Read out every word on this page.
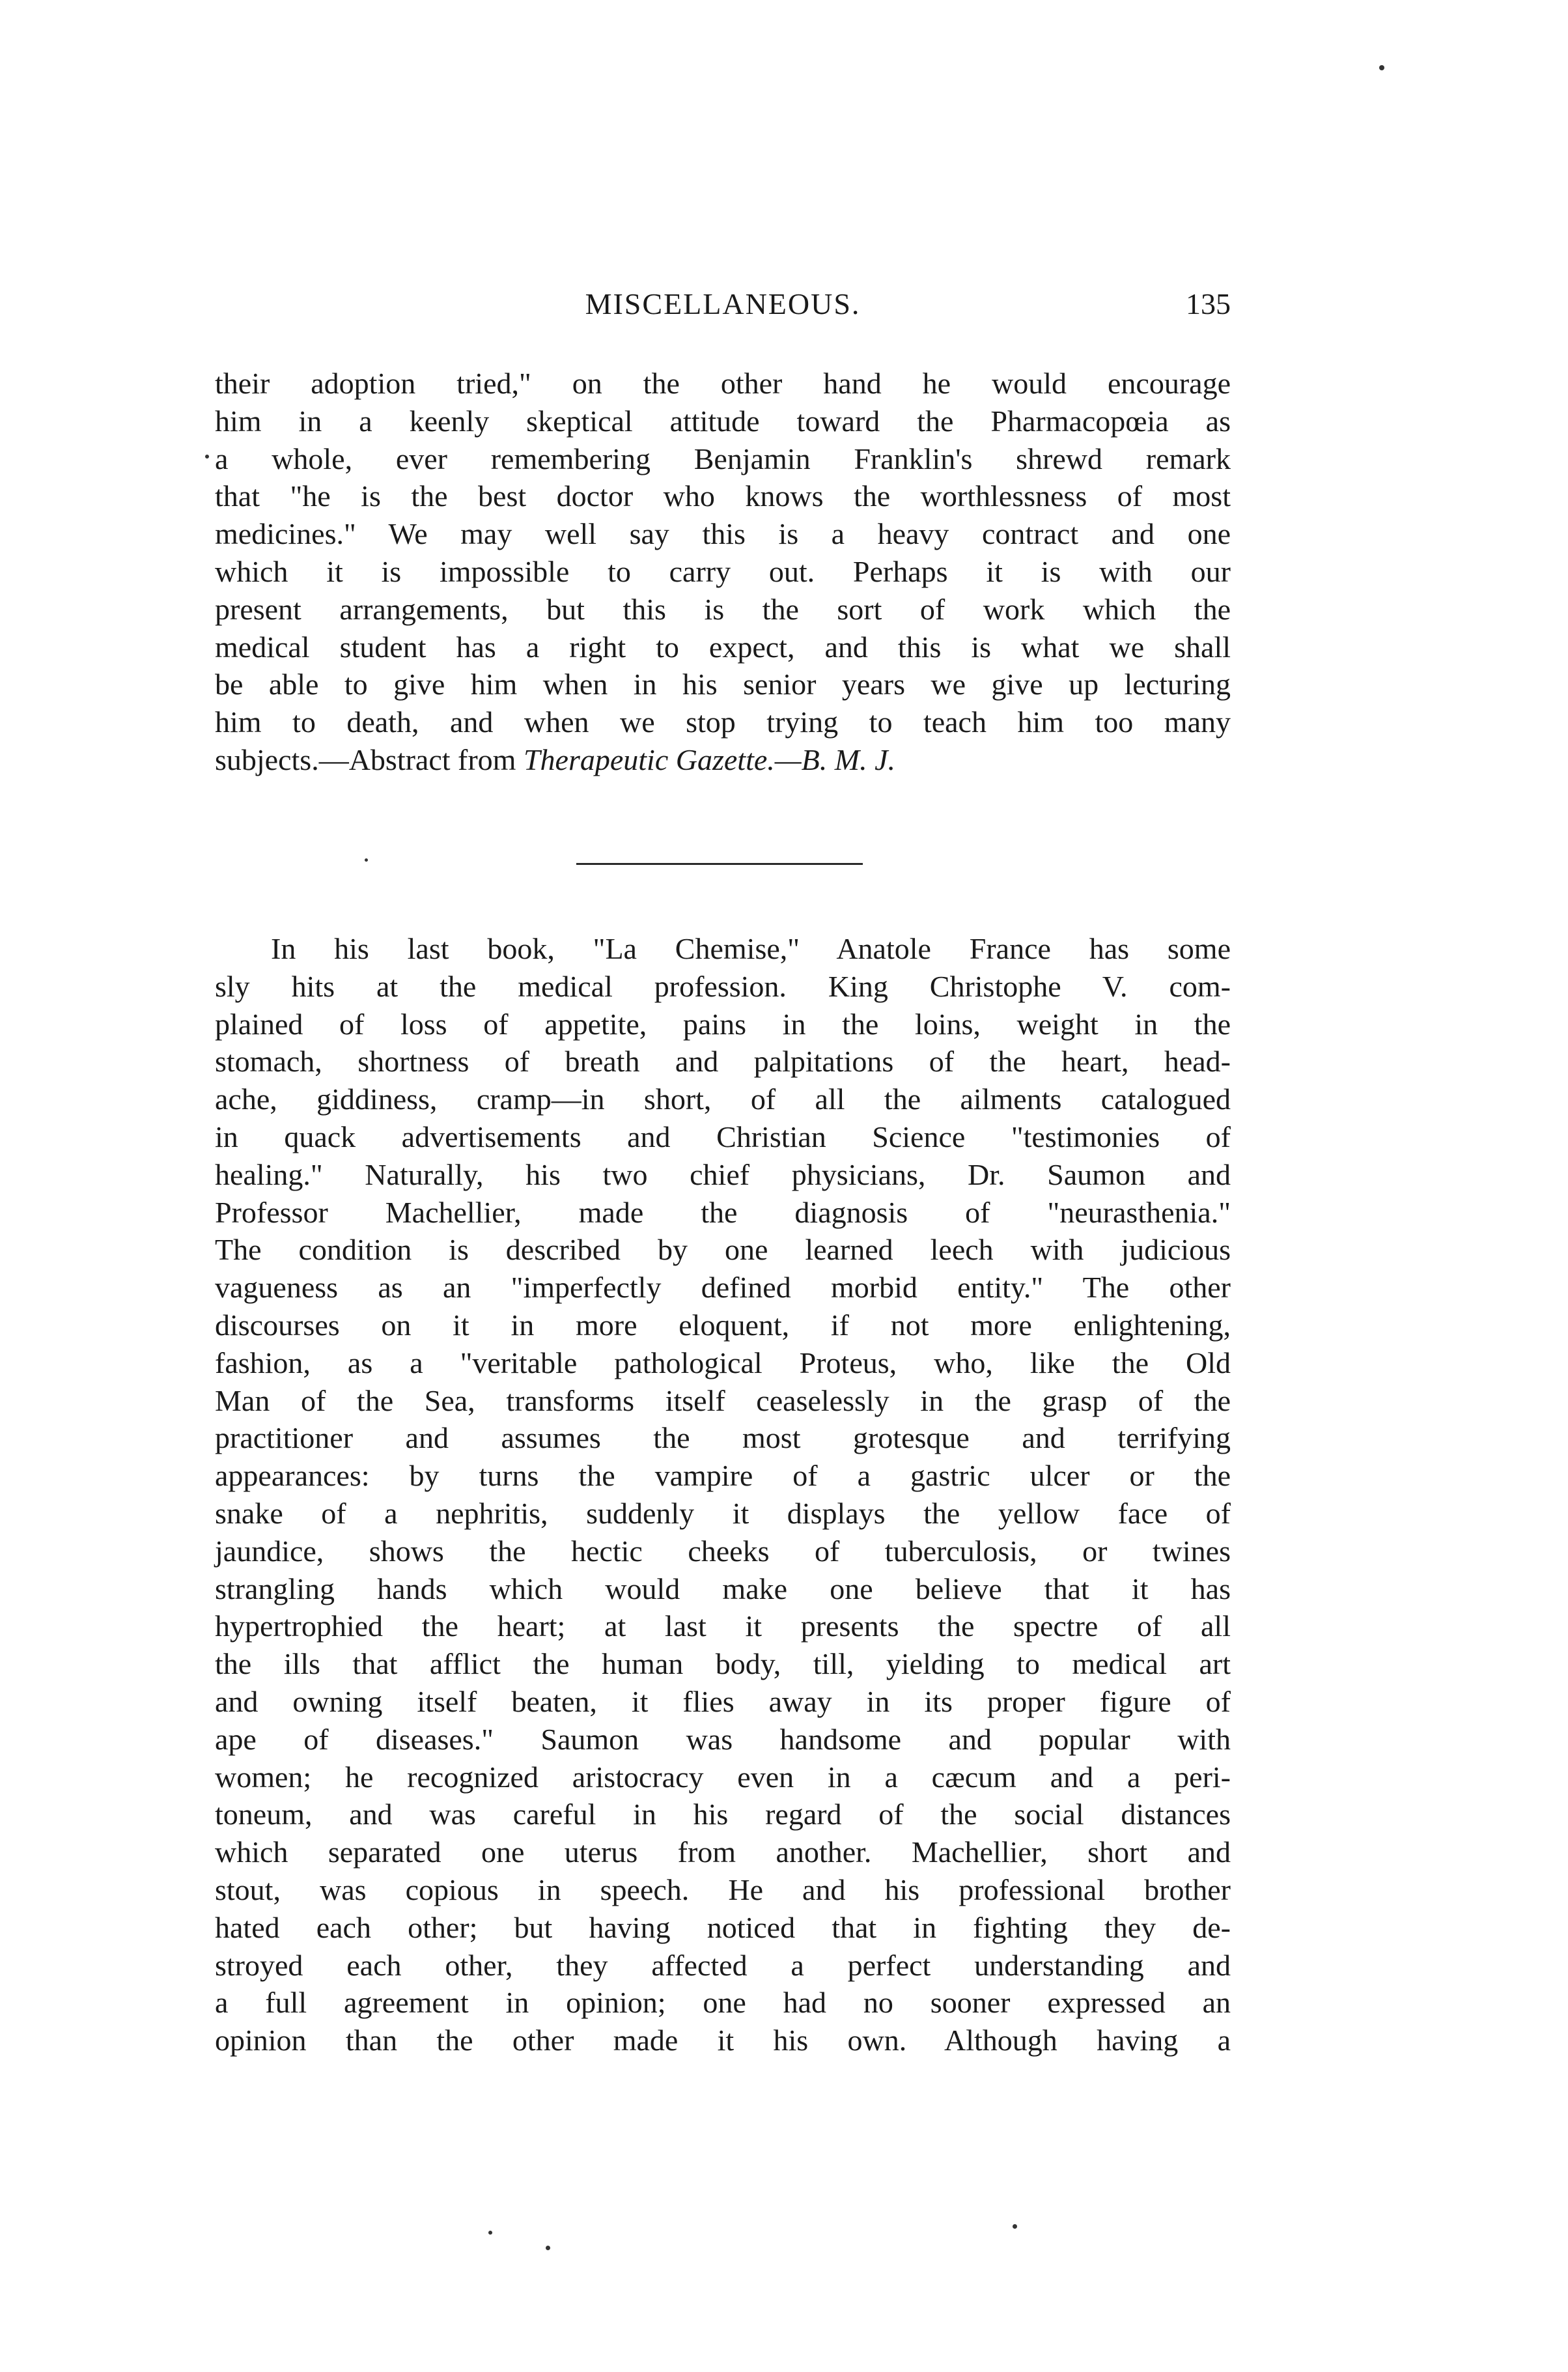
MISCELLANEOUS.	135
their adoption tried," on the other hand he would encourage
him in a keenly skeptical attitude toward the Pharmacopœia as
a whole, ever remembering Benjamin Franklin's shrewd remark
that "he is the best doctor who knows the worthlessness of most
medicines." We may well say this is a heavy contract and one
which it is impossible to carry out. Perhaps it is with our
present arrangements, but this is the sort of work which the
medical student has a right to expect, and this is what we shall
be able to give him when in his senior years we give up lecturing
him to death, and when we stop trying to teach him too many
subjects.—Abstract from Therapeutic Gazette.—B. M. J.
In his last book, "La Chemise," Anatole France has some
sly hits at the medical profession. King Christophe V. com-
plained of loss of appetite, pains in the loins, weight in the
stomach, shortness of breath and palpitations of the heart, head-
ache, giddiness, cramp—in short, of all the ailments catalogued
in quack advertisements and Christian Science "testimonies of
healing." Naturally, his two chief physicians, Dr. Saumon and
Professor Machellier, made the diagnosis of "neurasthenia."
The condition is described by one learned leech with judicious
vagueness as an "imperfectly defined morbid entity." The other
discourses on it in more eloquent, if not more enlightening,
fashion, as a "veritable pathological Proteus, who, like the Old
Man of the Sea, transforms itself ceaselessly in the grasp of the
practitioner and assumes the most grotesque and terrifying
appearances: by turns the vampire of a gastric ulcer or the
snake of a nephritis, suddenly it displays the yellow face of
jaundice, shows the hectic cheeks of tuberculosis, or twines
strangling hands which would make one believe that it has
hypertrophied the heart; at last it presents the spectre of all
the ills that afflict the human body, till, yielding to medical art
and owning itself beaten, it flies away in its proper figure of
ape of diseases." Saumon was handsome and popular with
women; he recognized aristocracy even in a cæcum and a peri-
toneum, and was careful in his regard of the social distances
which separated one uterus from another. Machellier, short and
stout, was copious in speech. He and his professional brother
hated each other; but having noticed that in fighting they de-
stroyed each other, they affected a perfect understanding and
a full agreement in opinion; one had no sooner expressed an
opinion than the other made it his own. Although having a
